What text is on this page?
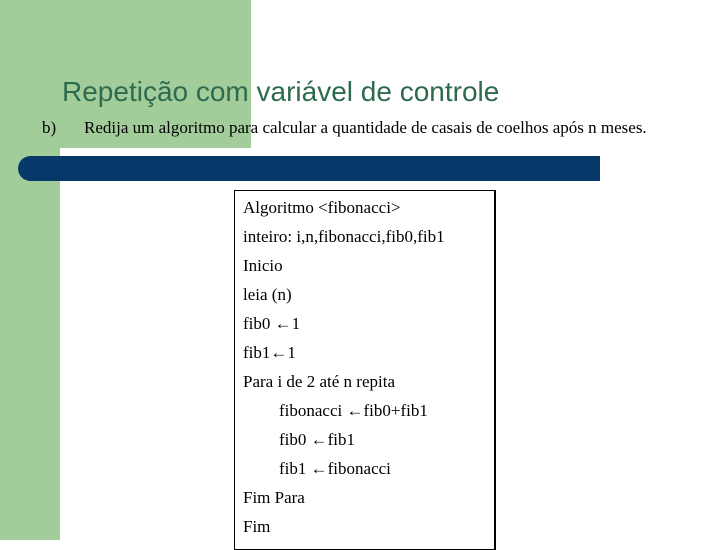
Repetição com variável de controle
b) Redija um algoritmo para calcular a quantidade de casais de coelhos após n meses.
Algoritmo <fibonacci>
inteiro: i,n,fibonacci,fib0,fib1
Inicio
leia (n)
fib0 ←1
fib1←1
Para i de 2 até n repita
fibonacci ←fib0+fib1
fib0 ←fib1
fib1 ←fibonacci
Fim Para
Fim
